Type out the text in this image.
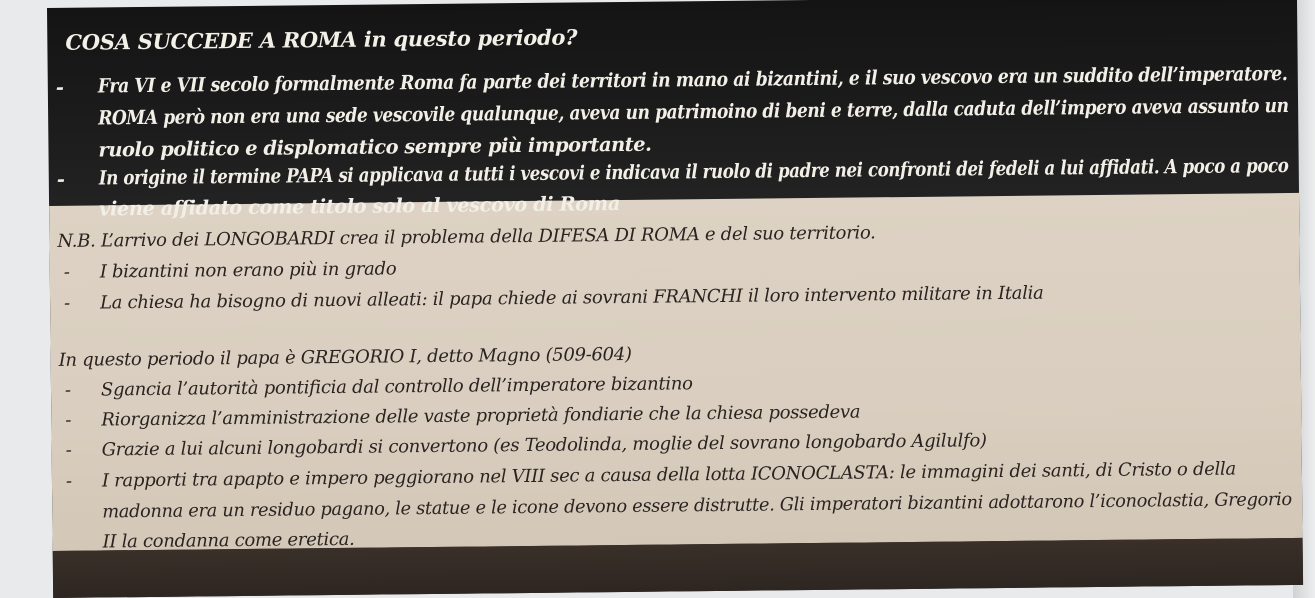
COSA SUCCEDE A ROMA in questo periodo?
- Fra VI e VII secolo formalmente Roma fa parte dei territori in mano ai bizantini, e il suo vescovo era un suddito dell’imperatore.
ROMA però non era una sede vescovile qualunque, aveva un patrimoino di beni e terre, dalla caduta dell’impero aveva assunto un
ruolo politico e displomatico sempre più importante.
- In origine il termine PAPA si applicava a tutti i vescovi e indicava il ruolo di padre nei confronti dei fedeli a lui affidati. A poco a poco
viene affidato come titolo solo al vescovo di Roma
N.B. L’arrivo dei LONGOBARDI crea il problema della DIFESA DI ROMA e del suo territorio.
- I bizantini non erano più in grado
- La chiesa ha bisogno di nuovi alleati: il papa chiede ai sovrani FRANCHI il loro intervento militare in Italia
In questo periodo il papa è GREGORIO I, detto Magno (509-604)
- Sgancia l’autorità pontificia dal controllo dell’imperatore bizantino
- Riorganizza l’amministrazione delle vaste proprietà fondiarie che la chiesa possedeva
- Grazie a lui alcuni longobardi si convertono (es Teodolinda, moglie del sovrano longobardo Agilulfo)
- I rapporti tra apapto e impero peggiorano nel VIII sec a causa della lotta ICONOCLASTA: le immagini dei santi, di Cristo o della
madonna era un residuo pagano, le statue e le icone devono essere distrutte. Gli imperatori bizantini adottarono l’iconoclastia, Gregorio
II la condanna come eretica.
